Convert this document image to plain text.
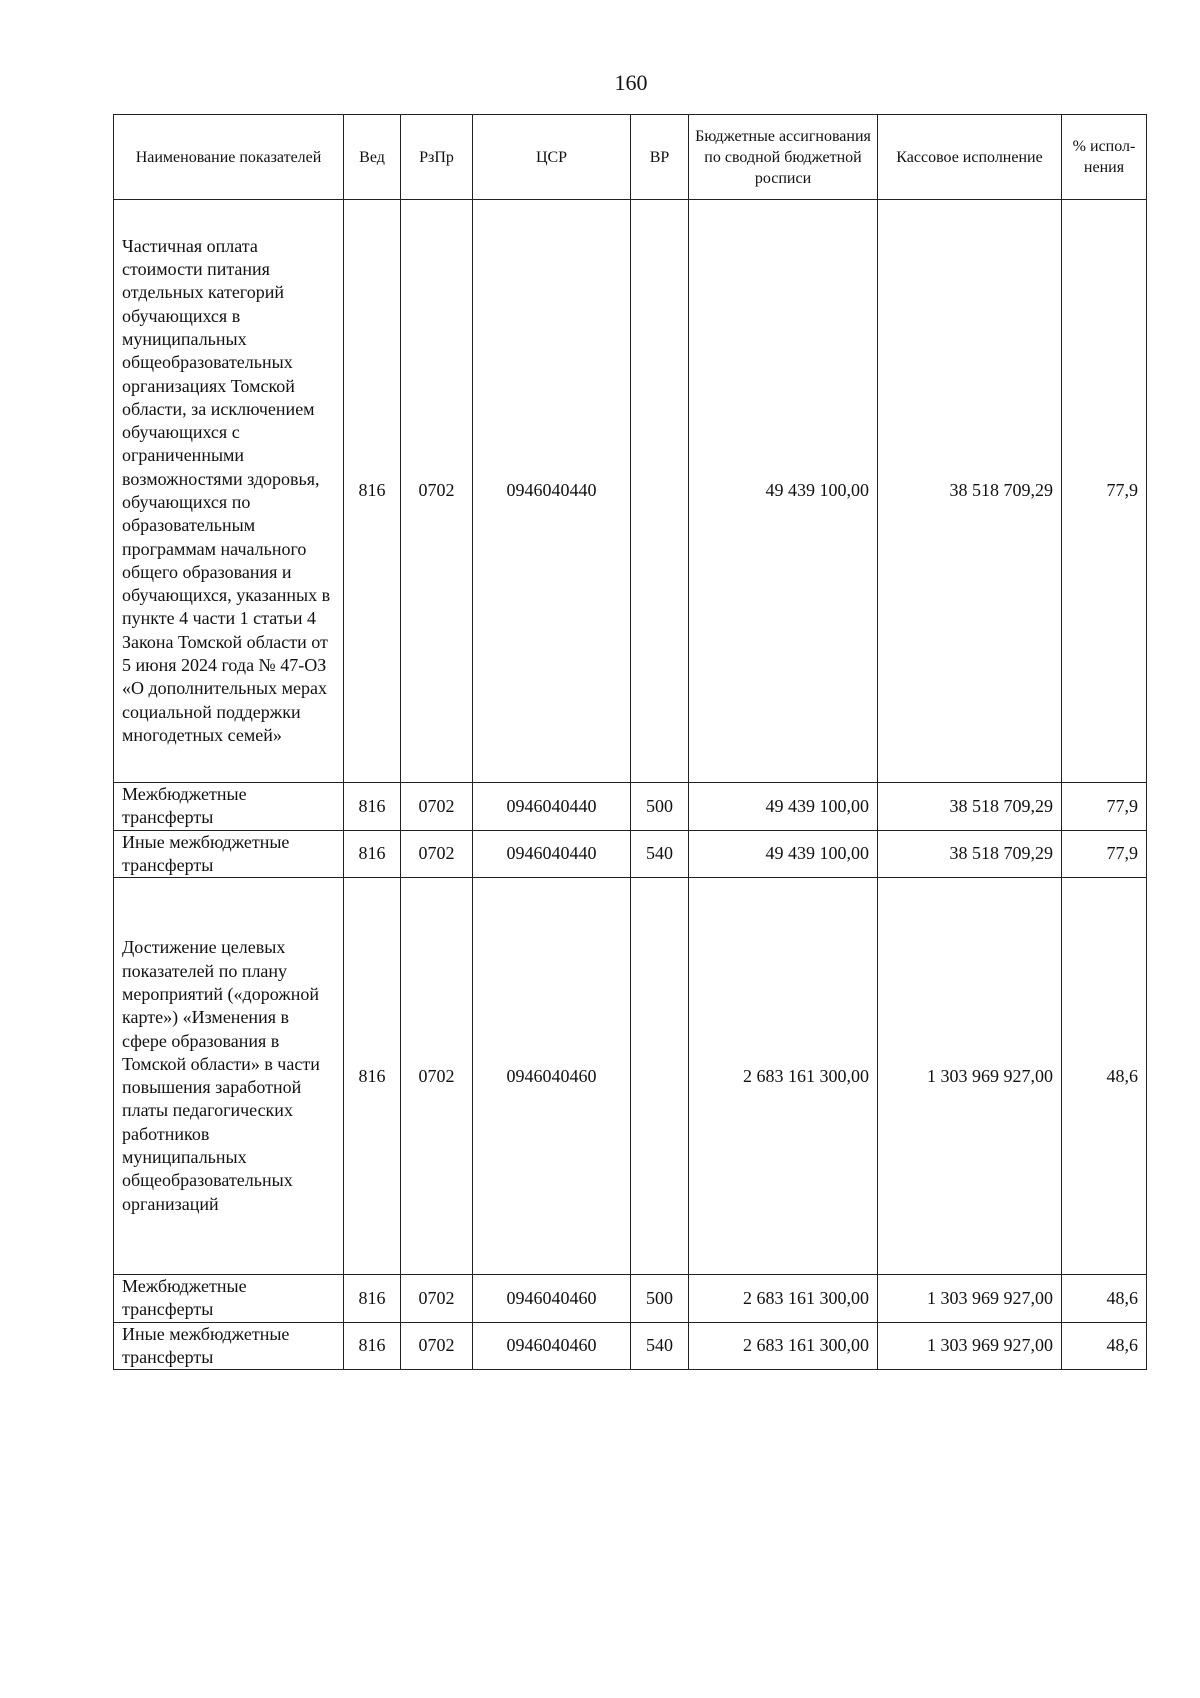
160
Наименование показателей	Вед	РзПр	ЦСР	ВР	Бюджетные ассигнования по сводной бюджетной росписи	Кассовое исполнение	% испол-нения
Частичная оплата стоимости питания отдельных категорий обучающихся в муниципальных общеобразовательных организациях Томской области, за исключением обучающихся с ограниченными возможностями здоровья, обучающихся по образовательным программам начального общего образования и обучающихся, указанных в пункте 4 части 1 статьи 4 Закона Томской области от 5 июня 2024 года № 47-ОЗ «О дополнительных мерах социальной поддержки многодетных семей»	816	0702	0946040440		49 439 100,00	38 518 709,29	77,9
Межбюджетные трансферты	816	0702	0946040440	500	49 439 100,00	38 518 709,29	77,9
Иные межбюджетные трансферты	816	0702	0946040440	540	49 439 100,00	38 518 709,29	77,9
Достижение целевых показателей по плану мероприятий («дорожной карте») «Изменения в сфере образования в Томской области» в части повышения заработной платы педагогических работников муниципальных общеобразовательных организаций	816	0702	0946040460		2 683 161 300,00	1 303 969 927,00	48,6
Межбюджетные трансферты	816	0702	0946040460	500	2 683 161 300,00	1 303 969 927,00	48,6
Иные межбюджетные трансферты	816	0702	0946040460	540	2 683 161 300,00	1 303 969 927,00	48,6
